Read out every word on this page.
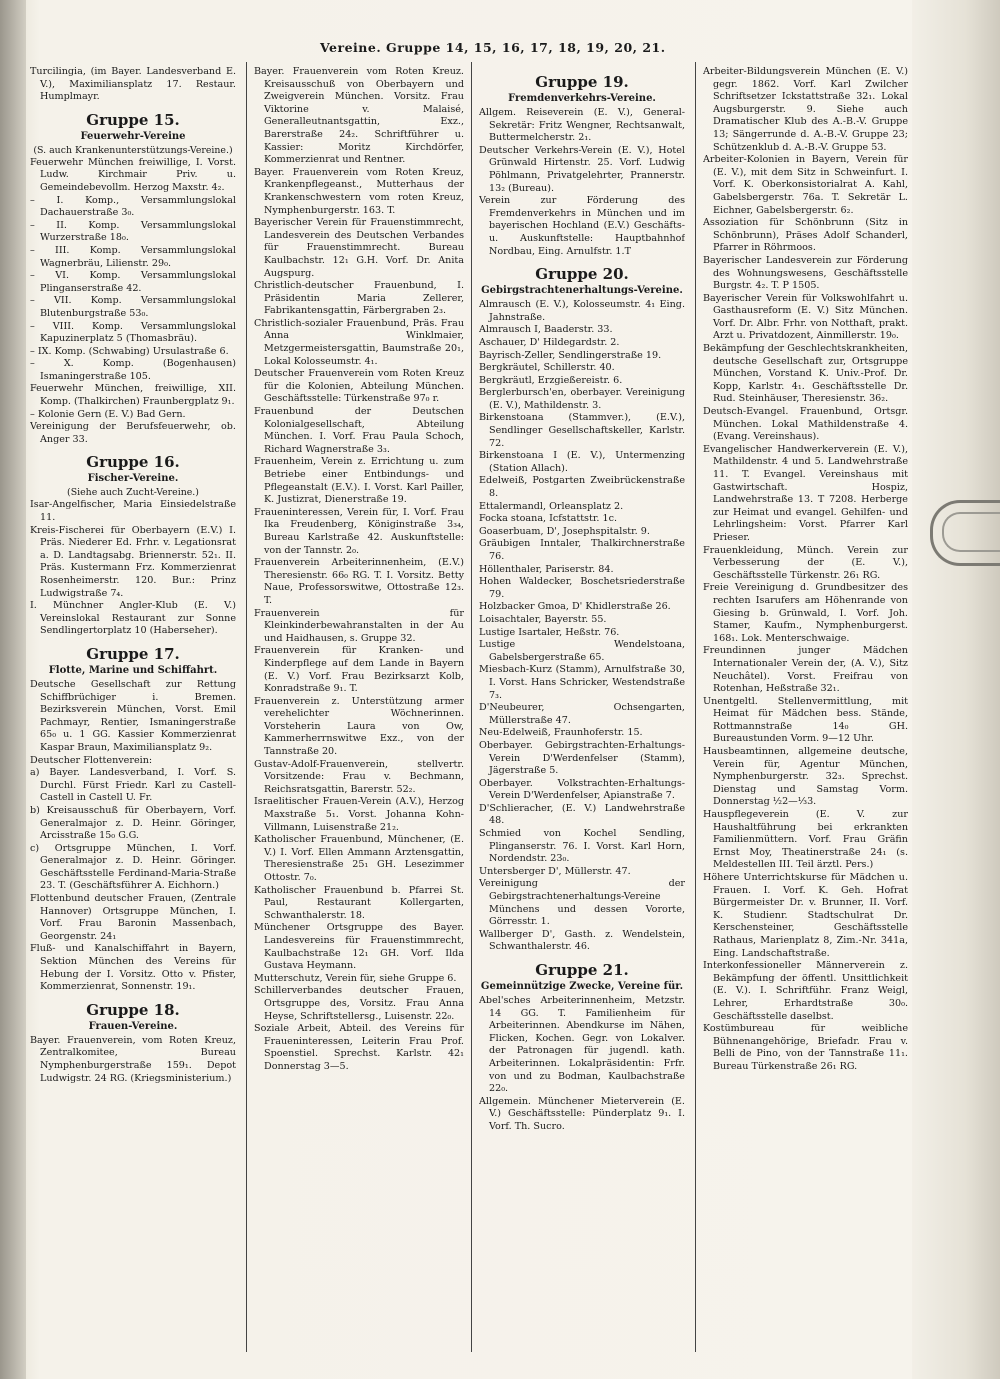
Vereine. Gruppe 14, 15, 16, 17, 18, 19, 20, 21.
Turcilingia, (im Bayer. Landesverband E. V.), Maximiliansplatz 17. Restaur. Humplmayr.
Gruppe 15.
Feuerwehr-Vereine
(S. auch Krankenunterstützungs-Vereine.)
Feuerwehr München freiwillige, I. Vorst. Ludw. Kirchmair Priv. u. Gemeindebevollm. Herzog Maxstr. 4₂.
– I. Komp., Versammlungslokal Dachauerstraße 3₀.
– II. Komp. Versammlungslokal Wurzerstraße 18₀.
– III. Komp. Versammlungslokal Wagnerbräu, Lilienstr. 29₀.
– VI. Komp. Versammlungslokal Plinganserstraße 42.
– VII. Komp. Versammlungslokal Blutenburgstraße 53₀.
– VIII. Komp. Versammlungslokal Kapuzinerplatz 5 (Thomasbräu).
– IX. Komp. (Schwabing) Ursulastraße 6.
– X. Komp. (Bogenhausen) Ismaningerstraße 105.
Feuerwehr München, freiwillige, XII. Komp. (Thalkirchen) Fraunbergplatz 9₁.
– Kolonie Gern (E. V.) Bad Gern.
Vereinigung der Berufsfeuerwehr, ob. Anger 33.
Gruppe 16.
Fischer-Vereine.
(Siehe auch Zucht-Vereine.)
Isar-Angelfischer, Maria Einsiedelstraße 11.
Kreis-Fischerei für Oberbayern (E.V.) I. Präs. Niederer Ed. Frhr. v. Legationsrat a. D. Landtagsabg. Briennerstr. 52₁. II. Präs. Kustermann Frz. Kommerzienrat Rosenheimerstr. 120. Bur.: Prinz Ludwigstraße 7₄.
I. Münchner Angler-Klub (E. V.) Vereinslokal Restaurant zur Sonne Sendlingertorplatz 10 (Haberseher).
Gruppe 17.
Flotte, Marine und Schiffahrt.
Deutsche Gesellschaft zur Rettung Schiffbrüchiger i. Bremen. Bezirksverein München, Vorst. Emil Pachmayr, Rentier, Ismaningerstraße 65₀ u. 1 GG. Kassier Kommerzienrat Kaspar Braun, Maximiliansplatz 9₂.
Deutscher Flottenverein:
a) Bayer. Landesverband, I. Vorf. S. Durchl. Fürst Friedr. Karl zu Castell-Castell in Castell U. Fr.
b) Kreisausschuß für Oberbayern, Vorf. Generalmajor z. D. Heinr. Göringer, Arcisstraße 15₀ G.G.
c) Ortsgruppe München, I. Vorf. Generalmajor z. D. Heinr. Göringer. Geschäftsstelle Ferdinand-Maria-Straße 23. T. (Geschäftsführer A. Eichhorn.)
Flottenbund deutscher Frauen, (Zentrale Hannover) Ortsgruppe München, I. Vorf. Frau Baronin Massenbach, Georgenstr. 24₁
Fluß- und Kanalschiffahrt in Bayern, Sektion München des Vereins für Hebung der I. Vorsitz. Otto v. Pfister, Kommerzienrat, Sonnenstr. 19₁.
Gruppe 18.
Frauen-Vereine.
Bayer. Frauenverein, vom Roten Kreuz, Zentralkomitee, Bureau Nymphenburgerstraße 159₁. Depot Ludwigstr. 24 RG. (Kriegsministerium.)
Bayer. Frauenverein vom Roten Kreuz. Kreisausschuß von Oberbayern und Zweigverein München. Vorsitz. Frau Viktorine v. Malaisé, Generalleutnantsgattin, Exz., Barerstraße 24₂. Schriftführer u. Kassier: Moritz Kirchdörfer, Kommerzienrat und Rentner.
Bayer. Frauenverein vom Roten Kreuz, Krankenpflegeanst., Mutterhaus der Krankenschwestern vom roten Kreuz, Nymphenburgerstr. 163. T.
Bayerischer Verein für Frauenstimmrecht, Landesverein des Deutschen Verbandes für Frauenstimmrecht. Bureau Kaulbachstr. 12₁ G.H. Vorf. Dr. Anita Augspurg.
Christlich-deutscher Frauenbund, I. Präsidentin Maria Zellerer, Fabrikantensgattin, Färbergraben 2₃.
Christlich-sozialer Frauenbund, Präs. Frau Anna Winklmaier, Metzgermeistersgattin, Baumstraße 20₁, Lokal Kolosseumstr. 4₁.
Deutscher Frauenverein vom Roten Kreuz für die Kolonien, Abteilung München. Geschäftsstelle: Türkenstraße 97₀ r.
Frauenbund der Deutschen Kolonialgesellschaft, Abteilung München. I. Vorf. Frau Paula Schoch, Richard Wagnerstraße 3₃.
Frauenheim, Verein z. Errichtung u. zum Betriebe einer Entbindungs- und Pflegeanstalt (E.V.). I. Vorst. Karl Pailler, K. Justizrat, Dienerstraße 19.
Fraueninteressen, Verein für, I. Vorf. Frau Ika Freudenberg, Königinstraße 3₃₄, Bureau Karlstraße 42. Auskunftstelle: von der Tannstr. 2₀.
Frauenverein Arbeiterinnenheim, (E.V.) Theresienstr. 66₀ RG. T. I. Vorsitz. Betty Naue, Professorswitwe, Ottostraße 12₃. T.
Frauenverein für Kleinkinderbewahranstalten in der Au und Haidhausen, s. Gruppe 32.
Frauenverein für Kranken- und Kinderpflege auf dem Lande in Bayern (E. V.) Vorf. Frau Bezirksarzt Kolb, Konradstraße 9₁. T.
Frauenverein z. Unterstützung armer verehelichter Wöchnerinnen. Vorsteherin Laura von Ow, Kammerherrnswitwe Exz., von der Tannstraße 20.
Gustav-Adolf-Frauenverein, stellvertr. Vorsitzende: Frau v. Bechmann, Reichsratsgattin, Barerstr. 52₂.
Israelitischer Frauen-Verein (A.V.), Herzog Maxstraße 5₁. Vorst. Johanna Kohn-Villmann, Luisenstraße 21₂.
Katholischer Frauenbund, Münchener, (E. V.) I. Vorf. Ellen Ammann Arztensgattin, Theresienstraße 25₁ GH. Lesezimmer Ottostr. 7₀.
Katholischer Frauenbund b. Pfarrei St. Paul, Restaurant Kollergarten, Schwanthalerstr. 18.
Münchener Ortsgruppe des Bayer. Landesvereins für Frauenstimmrecht, Kaulbachstraße 12₁ GH. Vorf. Ilda Gustava Heymann.
Mutterschutz, Verein für, siehe Gruppe 6.
Schillerverbandes deutscher Frauen, Ortsgruppe des, Vorsitz. Frau Anna Heyse, Schriftstellersg., Luisenstr. 22₀.
Soziale Arbeit, Abteil. des Vereins für Fraueninteressen, Leiterin Frau Prof. Spoenstiel. Sprechst. Karlstr. 42₁ Donnerstag 3—5.
Gruppe 19.
Fremdenverkehrs-Vereine.
Allgem. Reiseverein (E. V.), General-Sekretär: Fritz Wengner, Rechtsanwalt, Buttermelcherstr. 2₁.
Deutscher Verkehrs-Verein (E. V.), Hotel Grünwald Hirtenstr. 25. Vorf. Ludwig Pöhlmann, Privatgelehrter, Prannerstr. 13₂ (Bureau).
Verein zur Förderung des Fremdenverkehrs in München und im bayerischen Hochland (E.V.) Geschäfts- u. Auskunftstelle: Hauptbahnhof Nordbau, Eing. Arnulfstr. 1.T
Gruppe 20.
Gebirgstrachtenerhaltungs-Vereine.
Almrausch (E. V.), Kolosseumstr. 4₁ Eing. Jahnstraße.
Almrausch I, Baaderstr. 33.
Aschauer, D' Hildegardstr. 2.
Bayrisch-Zeller, Sendlingerstraße 19.
Bergkräutel, Schillerstr. 40.
Bergkräutl, Erzgießereistr. 6.
Berglerbursch'en, oberbayer. Vereinigung (E. V.), Mathildenstr. 3.
Birkenstoana (Stammver.), (E.V.), Sendlinger Gesellschaftskeller, Karlstr. 72.
Birkenstoana I (E. V.), Untermenzing (Station Allach).
Edelweiß, Postgarten Zweibrückenstraße 8.
Ettalermandl, Orleansplatz 2.
Focka stoana, Icfstattstr. 1c.
Goaserbuam, D', Josephspitalstr. 9.
Gräubigen Inntaler, Thalkirchnerstraße 76.
Höllenthaler, Pariserstr. 84.
Hohen Waldecker, Boschetsriederstraße 79.
Holzbacker Gmoa, D' Khidlerstraße 26.
Loisachtaler, Bayerstr. 55.
Lustige Isartaler, Heßstr. 76.
Lustige Wendelstoana, Gabelsbergerstraße 65.
Miesbach-Kurz (Stamm), Arnulfstraße 30, I. Vorst. Hans Schricker, Westendstraße 7₃.
D'Neubeurer, Ochsengarten, Müllerstraße 47.
Neu-Edelweiß, Fraunhoferstr. 15.
Oberbayer. Gebirgstrachten-Erhaltungs-Verein D'Werdenfelser (Stamm), Jägerstraße 5.
Oberbayer. Volkstrachten-Erhaltungs-Verein D'Werdenfelser, Apianstraße 7.
D'Schlieracher, (E. V.) Landwehrstraße 48.
Schmied von Kochel Sendling, Plinganserstr. 76. I. Vorst. Karl Horn, Nordendstr. 23₀.
Untersberger D', Müllerstr. 47.
Vereinigung der Gebirgstrachtenerhaltungs-Vereine Münchens und dessen Vororte, Görresstr. 1.
Wallberger D', Gasth. z. Wendelstein, Schwanthalerstr. 46.
Gruppe 21.
Gemeinnützige Zwecke, Vereine für.
Abel'sches Arbeiterinnenheim, Metzstr. 14 GG. T. Familienheim für Arbeiterinnen. Abendkurse im Nähen, Flicken, Kochen. Gegr. von Lokalver. der Patronagen für jugendl. kath. Arbeiterinnen. Lokalpräsidentin: Frfr. von und zu Bodman, Kaulbachstraße 22₀.
Allgemein. Münchener Mieterverein (E. V.) Geschäftsstelle: Pünderplatz 9₁. I. Vorf. Th. Sucro.
Arbeiter-Bildungsverein München (E. V.) gegr. 1862. Vorf. Karl Zwilcher Schriftsetzer Ickstattstraße 32₁. Lokal Augsburgerstr. 9. Siehe auch Dramatischer Klub des A.-B.-V. Gruppe 13; Sängerrunde d. A.-B.-V. Gruppe 23; Schützenklub d. A.-B.-V. Gruppe 53.
Arbeiter-Kolonien in Bayern, Verein für (E. V.), mit dem Sitz in Schweinfurt. I. Vorf. K. Oberkonsistorialrat A. Kahl, Gabelsbergerstr. 76a. T. Sekretär L. Eichner, Gabelsbergerstr. 6₂.
Assoziation für Schönbrunn (Sitz in Schönbrunn), Präses Adolf Schanderl, Pfarrer in Röhrmoos.
Bayerischer Landesverein zur Förderung des Wohnungswesens, Geschäftsstelle Burgstr. 4₂. T. P 1505.
Bayerischer Verein für Volkswohlfahrt u. Gasthausreform (E. V.) Sitz München. Vorf. Dr. Albr. Frhr. von Notthaft, prakt. Arzt u. Privatdozent, Ainmillerstr. 19₀.
Bekämpfung der Geschlechtskrankheiten, deutsche Gesellschaft zur, Ortsgruppe München, Vorstand K. Univ.-Prof. Dr. Kopp, Karlstr. 4₁. Geschäftsstelle Dr. Rud. Steinhäuser, Theresienstr. 36₂.
Deutsch-Evangel. Frauenbund, Ortsgr. München. Lokal Mathildenstraße 4. (Evang. Vereinshaus).
Evangelischer Handwerkerverein (E. V.), Mathildenstr. 4 und 5. Landwehrstraße 11. T. Evangel. Vereinshaus mit Gastwirtschaft. Hospiz, Landwehrstraße 13. T 7208. Herberge zur Heimat und evangel. Gehilfen- und Lehrlingsheim: Vorst. Pfarrer Karl Prieser.
Frauenkleidung, Münch. Verein zur Verbesserung der (E. V.), Geschäftsstelle Türkenstr. 26₁ RG.
Freie Vereinigung d. Grundbesitzer des rechten Isarufers am Höhenrande von Giesing b. Grünwald, I. Vorf. Joh. Stamer, Kaufm., Nymphenburgerst. 168₁. Lok. Menterschwaige.
Freundinnen junger Mädchen Internationaler Verein der, (A. V.), Sitz Neuchâtel). Vorst. Freifrau von Rotenhan, Heßstraße 32₁.
Unentgeltl. Stellenvermittlung, mit Heimat für Mädchen bess. Stände, Rottmannstraße 14₀ GH. Bureaustunden Vorm. 9—12 Uhr.
Hausbeamtinnen, allgemeine deutsche, Verein für, Agentur München, Nymphenburgerstr. 32₃. Sprechst. Dienstag und Samstag Vorm. Donnerstag ½2—⅓3.
Hauspflegeverein (E. V. zur Haushaltführung bei erkrankten Familienmüttern. Vorf. Frau Gräfin Ernst Moy, Theatinerstraße 24₁ (s. Meldestellen III. Teil ärztl. Pers.)
Höhere Unterrichtskurse für Mädchen u. Frauen. I. Vorf. K. Geh. Hofrat Bürgermeister Dr. v. Brunner, II. Vorf. K. Studienr. Stadtschulrat Dr. Kerschensteiner, Geschäftsstelle Rathaus, Marienplatz 8, Zim.-Nr. 341a, Eing. Landschaftstraße.
Interkonfessioneller Männerverein z. Bekämpfung der öffentl. Unsittlichkeit (E. V.). I. Schriftführ. Franz Weigl, Lehrer, Erhardtstraße 30₀. Geschäftsstelle daselbst.
Kostümbureau für weibliche Bühnenangehörige, Briefadr. Frau v. Belli de Pino, von der Tannstraße 11₁. Bureau Türkenstraße 26₁ RG.
